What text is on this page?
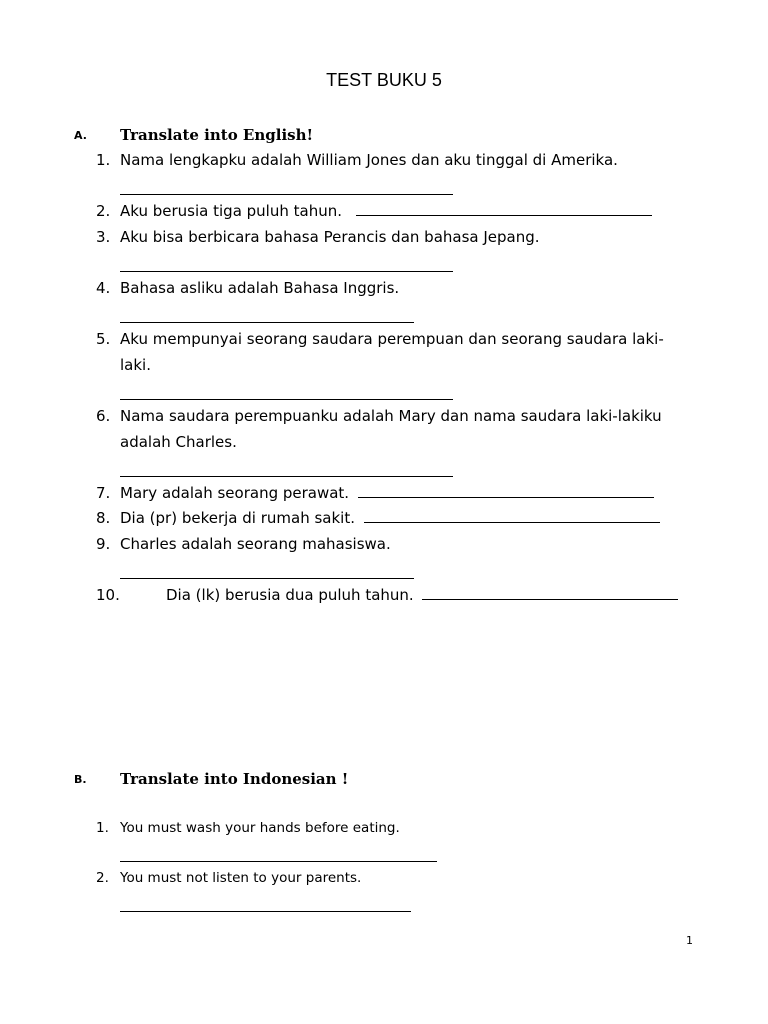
TEST BUKU 5
A. Translate into English!
1. Nama lengkapku adalah William Jones dan aku tinggal di Amerika.
2. Aku berusia tiga puluh tahun.
3. Aku bisa berbicara bahasa Perancis dan bahasa Jepang.
4. Bahasa asliku adalah Bahasa Inggris.
5. Aku mempunyai seorang saudara perempuan dan seorang saudara laki-laki.
6. Nama saudara perempuanku adalah Mary dan nama saudara laki-lakiku adalah Charles.
7. Mary adalah seorang perawat.
8. Dia (pr) bekerja di rumah sakit.
9. Charles adalah seorang mahasiswa.
10.	Dia (lk) berusia dua puluh tahun.
B. Translate into Indonesian !
1. You must wash your hands before eating.
2. You must not listen to your parents.
1
